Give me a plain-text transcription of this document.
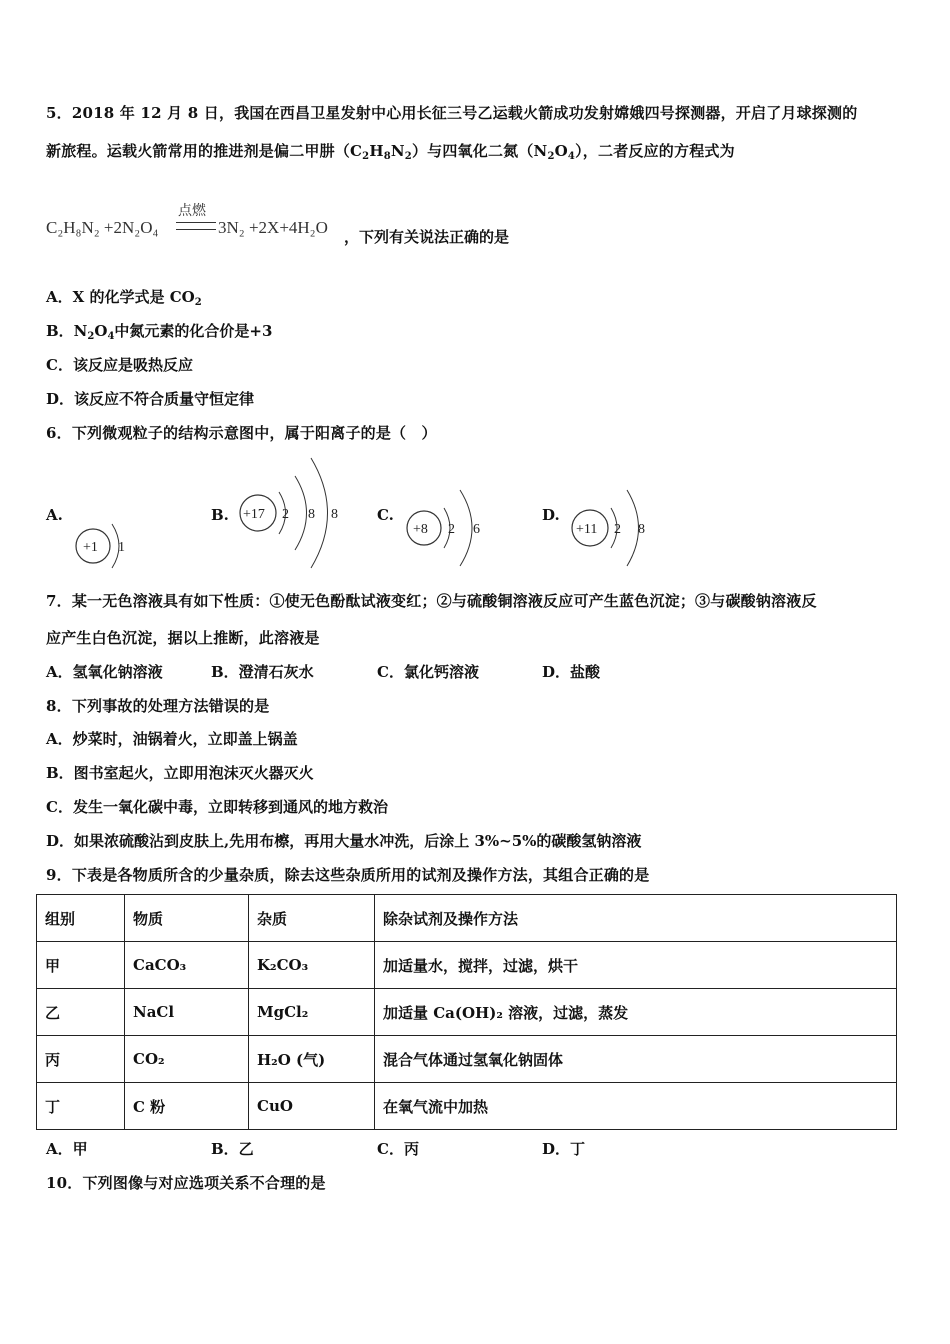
5．2018 年 12 月 8 日，我国在西昌卫星发射中心用长征三号乙运载火箭成功发射嫦娥四号探测器，开启了月球探测的
新旅程。运载火箭常用的推进剂是偏二甲肼$(C_2H_8N_2)$与四氧化二氮$(N_2O_4)$，二者反应的方程式为
C₂H₈N₂ +2N₂O₄
点燃
3N₂ +2X+4H₂O ，下列有关说法正确的是
A．X 的化学式是 $CO_2$
B．$N_2O_4$中氮元素的化合价是+3
C．该反应是吸热反应
D．该反应不符合质量守恒定律
6．下列微观粒子的结构示意图中，属于阳离子的是（　）
A.	B.	C.	D.
+1 1
+17 2 8 8
+8 2 6	+11 2 8
7．某一无色溶液具有如下性质：①使无色酚酞试液变红；②与硫酸铜溶液反应可产生蓝色沉淀；③与碳酸钠溶液反
应产生白色沉淀，据以上推断，此溶液是
A．氢氧化钠溶液	B．澄清石灰水	C．氯化钙溶液	D．盐酸
8．下列事故的处理方法错误的是
A．炒菜时，油锅着火，立即盖上锅盖
B．图书室起火，立即用泡沫灭火器灭火
C．发生一氧化碳中毒，立即转移到通风的地方救治
D．如果浓硫酸沾到皮肤上,先用布檫，再用大量水冲洗，后涂上 3%~5%的碳酸氢钠溶液
9．下表是各物质所含的少量杂质，除去这些杂质所用的试剂及操作方法，其组合正确的是
组别	物质	杂质	除杂试剂及操作方法
甲	CaCO₃	K₂CO₃	加适量水，搅拌，过滤，烘干
乙	NaCl	MgCl₂	加适量 Ca(OH)₂ 溶液，过滤，蒸发
丙	CO₂	H₂O (气)	混合气体通过氢氧化钠固体
丁	C 粉	CuO	在氧气流中加热
A．甲	B．乙	C．丙	D．丁
10．下列图像与对应选项关系不合理的是
